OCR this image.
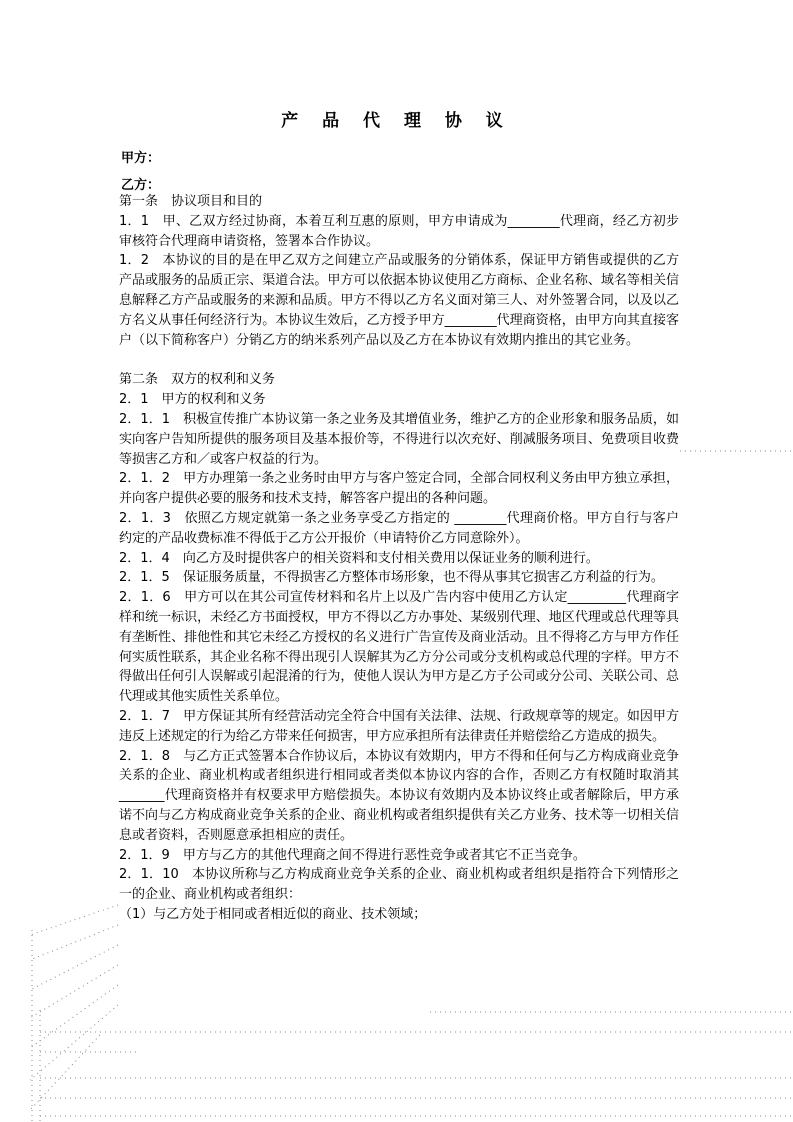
产 品 代 理 协 议
甲方：
乙方：

第一条　协议项目和目的

1．1　甲、乙双方经过协商，本着互利互惠的原则，甲方申请成为________代理商，经乙方初步审核符合代理商申请资格，签署本合作协议。

1．2　本协议的目的是在甲乙双方之间建立产品或服务的分销体系，保证甲方销售或提供的乙方产品或服务的品质正宗、渠道合法。甲方可以依据本协议使用乙方商标、企业名称、域名等相关信息解释乙方产品或服务的来源和品质。甲方不得以乙方名义面对第三人、对外签署合同，以及以乙方名义从事任何经济行为。本协议生效后，乙方授予甲方________代理商资格，由甲方向其直接客户（以下简称客户）分销乙方的纳米系列产品以及乙方在本协议有效期内推出的其它业务。

第二条　双方的权利和义务

2．1　甲方的权利和义务

2．1．1　积极宣传推广本协议第一条之业务及其增值业务，维护乙方的企业形象和服务品质，如实向客户告知所提供的服务项目及基本报价等，不得进行以次充好、削减服务项目、免费项目收费等损害乙方和／或客户权益的行为。

2．1．2　甲方办理第一条之业务时由甲方与客户签定合同，全部合同权利义务由甲方独立承担，并向客户提供必要的服务和技术支持，解答客户提出的各种问题。

2．1．3　依照乙方规定就第一条之业务享受乙方指定的 ________代理商价格。甲方自行与客户约定的产品收费标准不得低于乙方公开报价（申请特价乙方同意除外）。

2．1．4　向乙方及时提供客户的相关资料和支付相关费用以保证业务的顺利进行。

2．1．5　保证服务质量，不得损害乙方整体市场形象，也不得从事其它损害乙方利益的行为。

2．1．6　甲方可以在其公司宣传材料和名片上以及广告内容中使用乙方认定_________代理商字样和统一标识，未经乙方书面授权，甲方不得以乙方办事处、某级别代理、地区代理或总代理等具有垄断性、排他性和其它未经乙方授权的名义进行广告宣传及商业活动。且不得将乙方与甲方作任何实质性联系，其企业名称不得出现引人误解其为乙方分公司或分支机构或总代理的字样。甲方不得做出任何引人误解或引起混淆的行为，使他人误认为甲方是乙方子公司或分公司、关联公司、总代理或其他实质性关系单位。

2．1．7　甲方保证其所有经营活动完全符合中国有关法律、法规、行政规章等的规定。如因甲方违反上述规定的行为给乙方带来任何损害，甲方应承担所有法律责任并赔偿给乙方造成的损失。

2．1．8　与乙方正式签署本合作协议后，本协议有效期内，甲方不得和任何与乙方构成商业竞争关系的企业、商业机构或者组织进行相同或者类似本协议内容的合作，否则乙方有权随时取消其_______代理商资格并有权要求甲方赔偿损失。本协议有效期内及本协议终止或者解除后，甲方承诺不向与乙方构成商业竞争关系的企业、商业机构或者组织提供有关乙方业务、技术等一切相关信息或者资料，否则愿意承担相应的责任。

2．1．9　甲方与乙方的其他代理商之间不得进行恶性竞争或者其它不正当竞争。

2．1．10　本协议所称与乙方构成商业竞争关系的企业、商业机构或者组织是指符合下列情形之一的企业、商业机构或者组织：

（1）与乙方处于相同或者相近似的商业、技术领域；
